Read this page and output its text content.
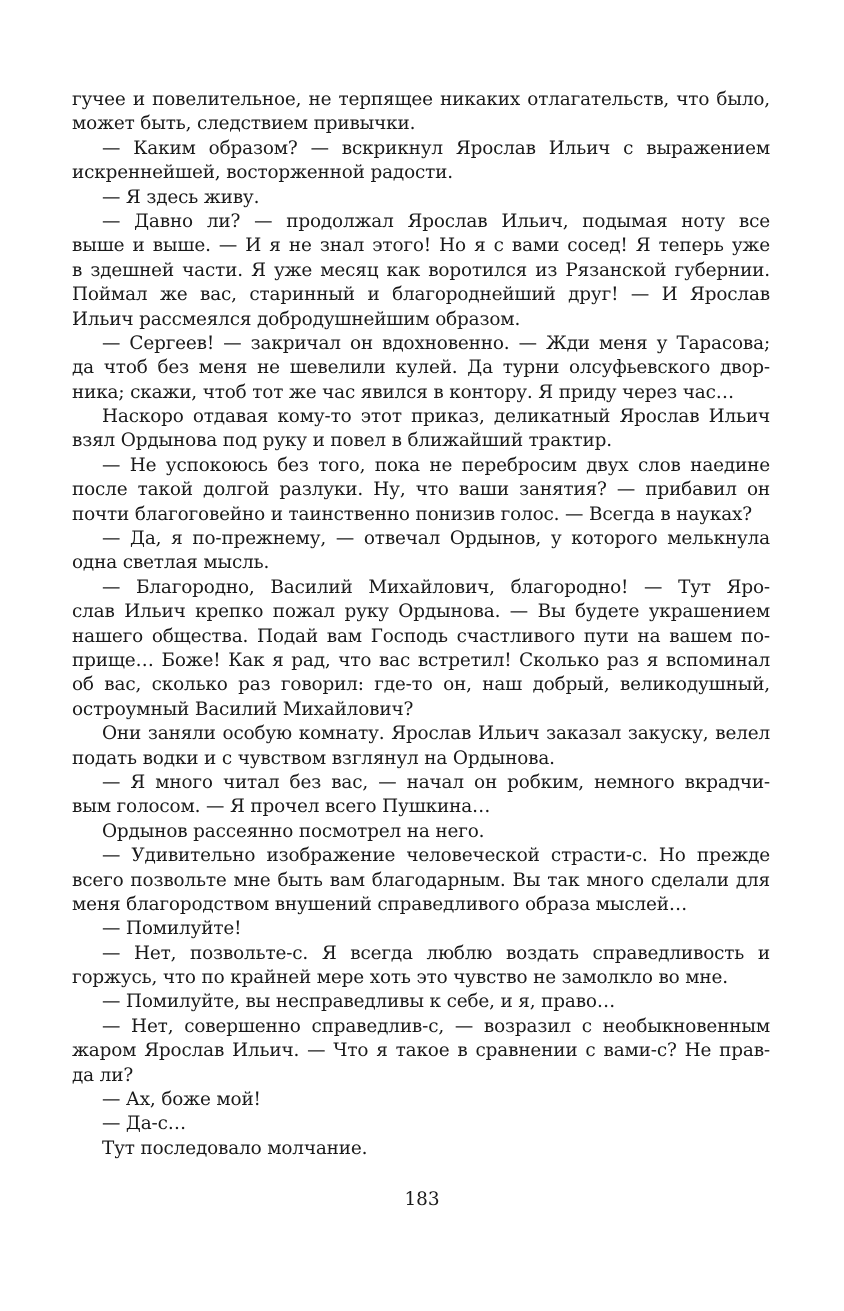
гучее и повелительное, не терпящее никаких отлагательств, что было,
может быть, следствием привычки.
— Каким образом? — вскрикнул Ярослав Ильич с выражением
искреннейшей, восторженной радости.
— Я здесь живу.
— Давно ли? — продолжал Ярослав Ильич, подымая ноту все
выше и выше. — И я не знал этого! Но я с вами сосед! Я теперь уже
в здешней части. Я уже месяц как воротился из Рязанской губернии.
Поймал же вас, старинный и благороднейший друг! — И Ярослав
Ильич рассмеялся добродушнейшим образом.
— Сергеев! — закричал он вдохновенно. — Жди меня у Тарасова;
да чтоб без меня не шевелили кулей. Да турни олсуфьевского двор-
ника; скажи, чтоб тот же час явился в контору. Я приду через час…
Наскоро отдавая кому-то этот приказ, деликатный Ярослав Ильич
взял Ордынова под руку и повел в ближайший трактир.
— Не успокоюсь без того, пока не перебросим двух слов наедине
после такой долгой разлуки. Ну, что ваши занятия? — прибавил он
почти благоговейно и таинственно понизив голос. — Всегда в науках?
— Да, я по-прежнему, — отвечал Ордынов, у которого мелькнула
одна светлая мысль.
— Благородно, Василий Михайлович, благородно! — Тут Яро-
слав Ильич крепко пожал руку Ордынова. — Вы будете украшением
нашего общества. Подай вам Господь счастливого пути на вашем по-
прище… Боже! Как я рад, что вас встретил! Сколько раз я вспоминал
об вас, сколько раз говорил: где-то он, наш добрый, великодушный,
остроумный Василий Михайлович?
Они заняли особую комнату. Ярослав Ильич заказал закуску, велел
подать водки и с чувством взглянул на Ордынова.
— Я много читал без вас, — начал он робким, немного вкрадчи-
вым голосом. — Я прочел всего Пушкина…
Ордынов рассеянно посмотрел на него.
— Удивительно изображение человеческой страсти-с. Но прежде
всего позвольте мне быть вам благодарным. Вы так много сделали для
меня благородством внушений справедливого образа мыслей…
— Помилуйте!
— Нет, позвольте-с. Я всегда люблю воздать справедливость и
горжусь, что по крайней мере хоть это чувство не замолкло во мне.
— Помилуйте, вы несправедливы к себе, и я, право…
— Нет, совершенно справедлив-с, — возразил с необыкновенным
жаром Ярослав Ильич. — Что я такое в сравнении с вами-с? Не прав-
да ли?
— Ах, боже мой!
— Да-с…
Тут последовало молчание.
183
